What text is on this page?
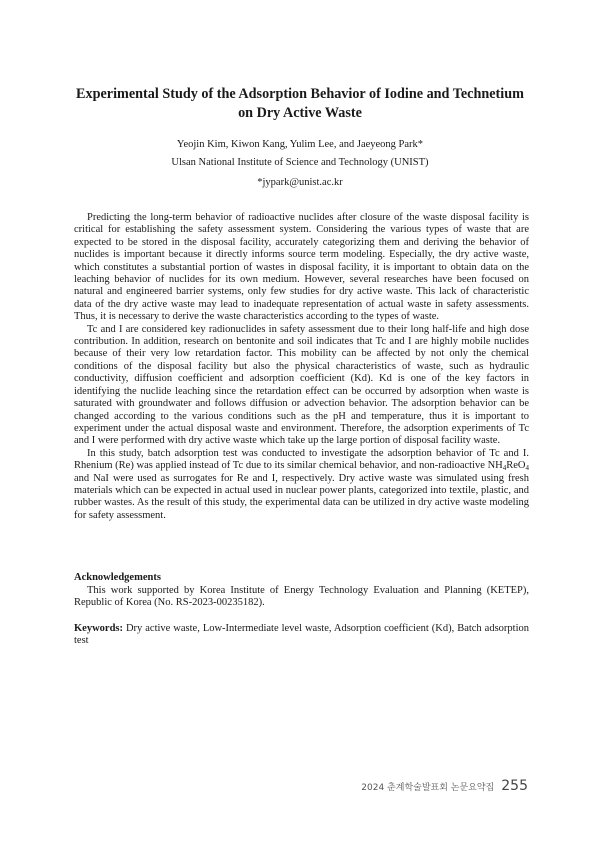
Experimental Study of the Adsorption Behavior of Iodine and Technetium on Dry Active Waste
Yeojin Kim, Kiwon Kang, Yulim Lee, and Jaeyeong Park*
Ulsan National Institute of Science and Technology (UNIST)
*jypark@unist.ac.kr

Predicting the long-term behavior of radioactive nuclides after closure of the waste disposal facility is critical for establishing the safety assessment system. Considering the various types of waste that are expected to be stored in the disposal facility, accurately categorizing them and deriving the behavior of nuclides is important because it directly informs source term modeling. Especially, the dry active waste, which constitutes a substantial portion of wastes in disposal facility, it is important to obtain data on the leaching behavior of nuclides for its own medium. However, several researches have been focused on natural and engineered barrier systems, only few studies for dry active waste. This lack of characteristic data of the dry active waste may lead to inadequate representation of actual waste in safety assessments. Thus, it is necessary to derive the waste characteristics according to the types of waste.

Tc and I are considered key radionuclides in safety assessment due to their long half-life and high dose contribution. In addition, research on bentonite and soil indicates that Tc and I are highly mobile nuclides because of their very low retardation factor. This mobility can be affected by not only the chemical conditions of the disposal facility but also the physical characteristics of waste, such as hydraulic conductivity, diffusion coefficient and adsorption coefficient (Kd). Kd is one of the key factors in identifying the nuclide leaching since the retardation effect can be occurred by adsorption when waste is saturated with groundwater and follows diffusion or advection behavior. The adsorption behavior can be changed according to the various conditions such as the pH and temperature, thus it is important to experiment under the actual disposal waste and environment. Therefore, the adsorption experiments of Tc and I were performed with dry active waste which take up the large portion of disposal facility waste.

In this study, batch adsorption test was conducted to investigate the adsorption behavior of Tc and I. Rhenium (Re) was applied instead of Tc due to its similar chemical behavior, and non-radioactive $NH_4ReO_4$ and NaI were used as surrogates for Re and I, respectively. Dry active waste was simulated using fresh materials which can be expected in actual used in nuclear power plants, categorized into textile, plastic, and rubber wastes. As the result of this study, the experimental data can be utilized in dry active waste modeling for safety assessment.

Acknowledgements
This work supported by Korea Institute of Energy Technology Evaluation and Planning (KETEP), Republic of Korea (No. RS-2023-00235182).
Keywords: Dry active waste, Low-Intermediate level waste, Adsorption coefficient (Kd), Batch adsorption test
2024 춘계학술발표회 논문요약집 255
